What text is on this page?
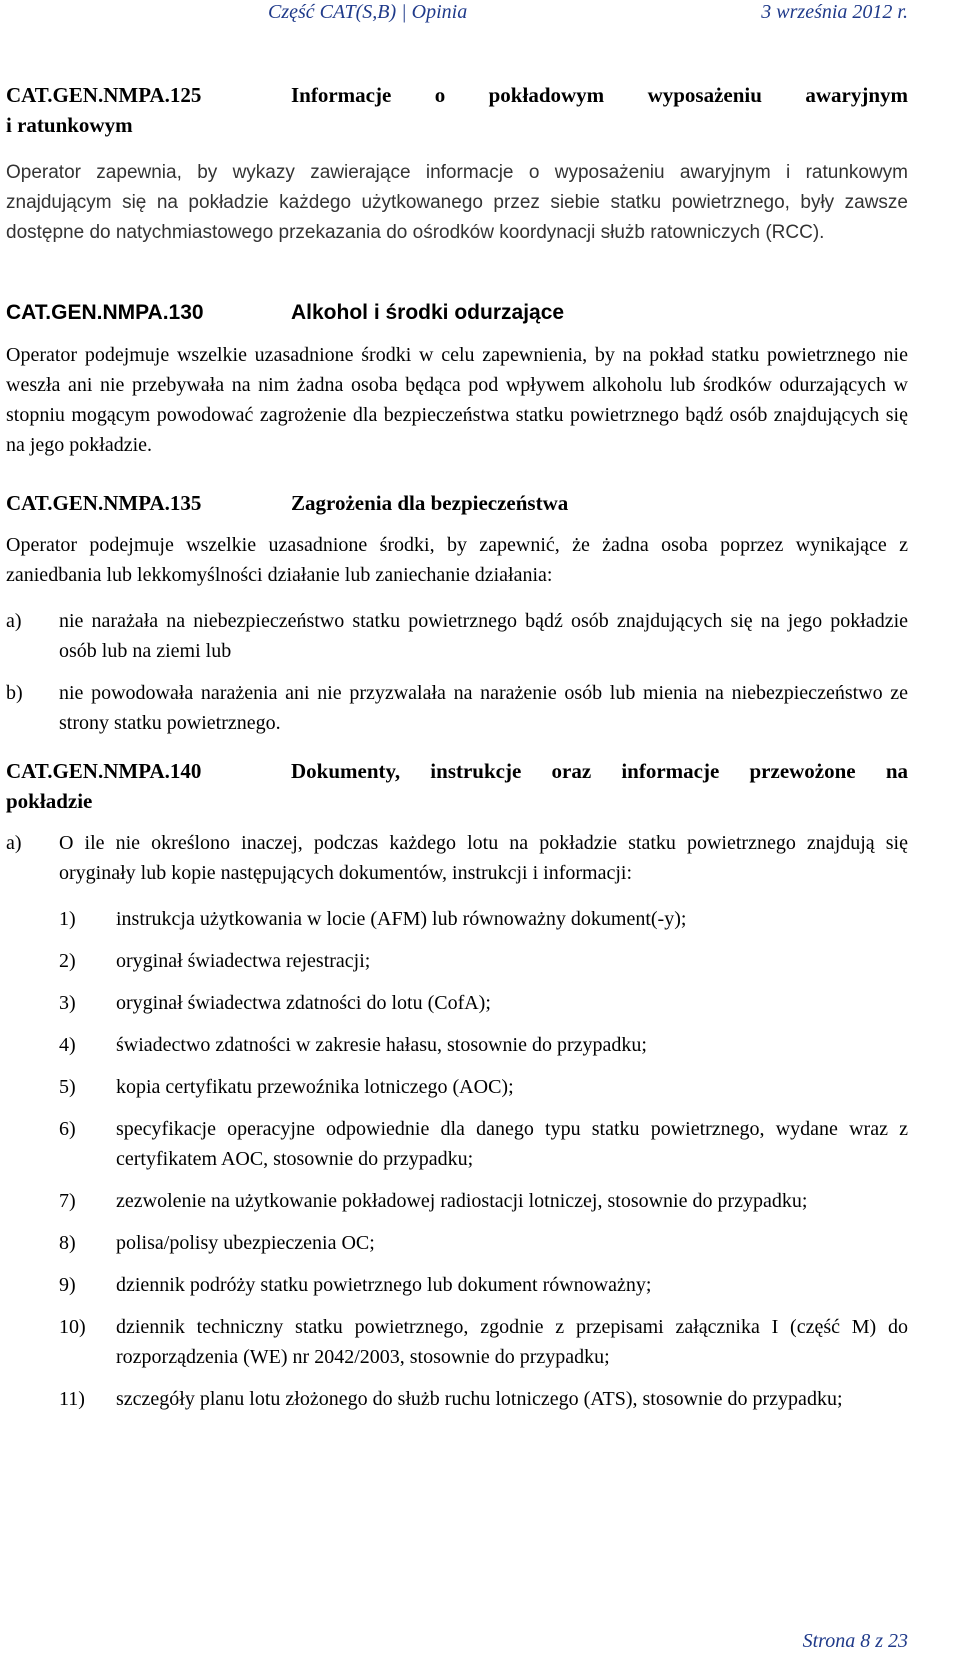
Część CAT(S,B) | Opinia	3 września 2012 r.
CAT.GEN.NMPA.125	Informacje o pokładowym wyposażeniu awaryjnym
i ratunkowym
Operator zapewnia, by wykazy zawierające informacje o wyposażeniu awaryjnym i ratunkowym znajdującym się na pokładzie każdego użytkowanego przez siebie statku powietrznego, były zawsze dostępne do natychmiastowego przekazania do ośrodków koordynacji służb ratowniczych (RCC).
CAT.GEN.NMPA.130	Alkohol i środki odurzające
Operator podejmuje wszelkie uzasadnione środki w celu zapewnienia, by na pokład statku powietrznego nie weszła ani nie przebywała na nim żadna osoba będąca pod wpływem alkoholu lub środków odurzających w stopniu mogącym powodować zagrożenie dla bezpieczeństwa statku powietrznego bądź osób znajdujących się na jego pokładzie.
CAT.GEN.NMPA.135	Zagrożenia dla bezpieczeństwa
Operator podejmuje wszelkie uzasadnione środki, by zapewnić, że żadna osoba poprzez wynikające z zaniedbania lub lekkomyślności działanie lub zaniechanie działania:
a)	nie narażała na niebezpieczeństwo statku powietrznego bądź osób znajdujących się na jego pokładzie osób lub na ziemi lub
b)	nie powodowała narażenia ani nie przyzwalała na narażenie osób lub mienia na niebezpieczeństwo ze strony statku powietrznego.
CAT.GEN.NMPA.140	Dokumenty, instrukcje oraz informacje przewożone na
pokładzie
a)	O ile nie określono inaczej, podczas każdego lotu na pokładzie statku powietrznego znajdują się oryginały lub kopie następujących dokumentów, instrukcji i informacji:
1)	instrukcja użytkowania w locie (AFM) lub równoważny dokument(-y);
2)	oryginał świadectwa rejestracji;
3)	oryginał świadectwa zdatności do lotu (CofA);
4)	świadectwo zdatności w zakresie hałasu, stosownie do przypadku;
5)	kopia certyfikatu przewoźnika lotniczego (AOC);
6)	specyfikacje operacyjne odpowiednie dla danego typu statku powietrznego, wydane wraz z certyfikatem AOC, stosownie do przypadku;
7)	zezwolenie na użytkowanie pokładowej radiostacji lotniczej, stosownie do przypadku;
8)	polisa/polisy ubezpieczenia OC;
9)	dziennik podróży statku powietrznego lub dokument równoważny;
10)	dziennik techniczny statku powietrznego, zgodnie z przepisami załącznika I (część M) do rozporządzenia (WE) nr 2042/2003, stosownie do przypadku;
11)	szczegóły planu lotu złożonego do służb ruchu lotniczego (ATS), stosownie do przypadku;
Strona 8 z 23
